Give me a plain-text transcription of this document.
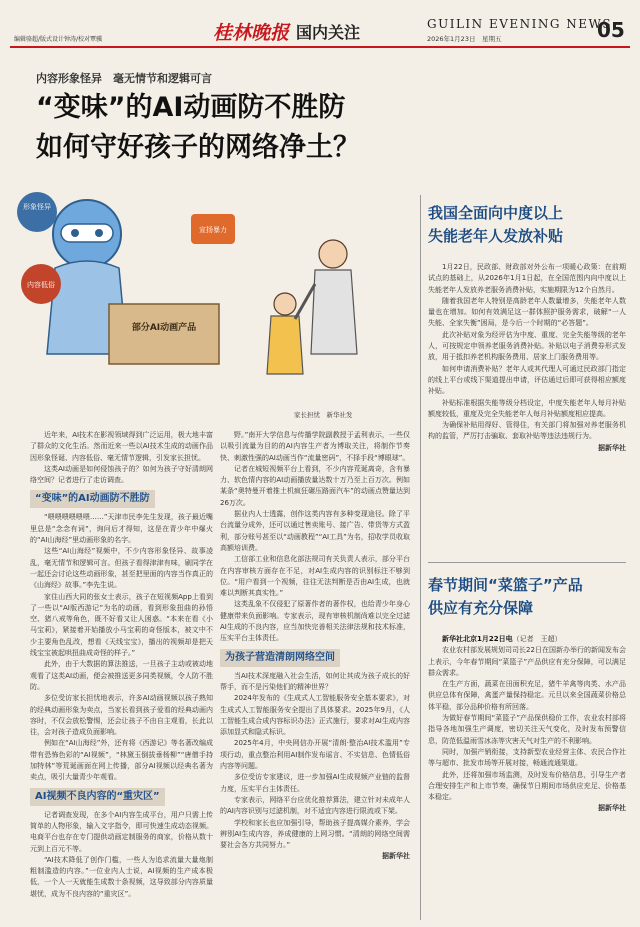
编辑骆超/版式设计钟涛/校对覃骥	桂林晚报 国内关注	GUILIN EVENING NEWS
2026年1月23日　星期五	05
内容形象怪异　毫无情节和逻辑可言
“变味”的AI动画防不胜防
如何守好孩子的网络净土？
形象怪异
宣扬暴力
内容低俗
部分AI动画产品
家长担忧　新华社发

近年来，AI技术在影视领域得到广泛运用，极大地丰富了群众的文化生活。然而近来一些以AI技术生成的动画作品因形象怪诞、内容低俗、毫无情节逻辑，引发家长担忧。

这类AI动画是如何侵蚀孩子的？如何为孩子守好清朗网络空间？记者进行了走访调查。

“变味”的AI动画防不胜防

“喂喂喂喂喂喂……”天津市民李先生发现，孩子最近嘴里总是“念念有词”，询问后才得知，这是在青少年中爆火的“AI山海经”里动画形象的名字。

这些“AI山海经”视频中，不少内容形象怪异、故事凌乱，毫无情节和逻辑可言。但孩子看得津津有味，刷同学在一起还会讨论这些动画形象，甚至把里面的内容当作真正的《山海经》故事。”李先生说。

家住山西大同的张女士表示，孩子在短视频App上看到了一些以“AI版西游记”为名的动画，看到形象扭曲的孙悟空、猪八戒等角色，既不好看又让人困惑。“本来在看《小马宝莉》，紧接着开始播放小马宝莉的奇怪版本，被文中不少主要角色乱改，想看《天线宝宝》，播出的视频却是把天线宝宝被起哄扭曲成奇怪的样子。”

此外，由于大数据的算法推送，一旦孩子主动或被动地观看了这类AI动画，便会被推送更多同类视频，令人防不胜防。

多位受访家长担忧地表示，许多AI动画视频以孩子熟知的经典动画形象为卖点，当家长看到孩子爱看的经典动画内容时，不仅会放松警惕，还会让孩子不由自主观看，长此以往，会对孩子造成负面影响。

例如在“AI山海经”外，还有将《西游记》等名著改编成带有恐怖色彩的“AI视频”，“林黛玉倒拔垂杨柳”“唐僧手持加特林”等荒诞画面在网上传播，部分AI视频以经典名著为卖点，吸引大量青少年观看。

AI视频不良内容的“重灾区”

记者调查发现，在多个AI内容生成平台，用户只需上传简单的人物形象，输入文字指令，即可快速生成动态视频。电商平台也存在专门提供动画定制服务的商家，价格从数十元到上百元不等。

“AI技术降低了创作门槛，一些人为追求流量大量炮制粗制滥造的内容。”一位业内人士说，AI视频的生产成本极低，一个人一天就能生成数十条视频，这导致部分内容质量堪忧，成为不良内容的“重灾区”。

野。”南开大学信息与传播学院副教授于孟利表示，一些仅以吸引流量为目的的AI内容生产者为博取关注，将制作节奏快、刺激性强的AI动画当作“流量密码”，不择手段“博眼球”。

记者在城短视频平台上看到，不少内容荒诞离奇，含有暴力、软色情内容的AI动画播放量达数十万乃至上百万次。例如某条“奥特曼开着推土机疯狂碾压路面汽车”的动画点赞量达到26万次。

据业内人士透露，创作这类内容有多种变现途径。除了平台流量分成外，还可以通过售卖账号、接广告、带货等方式盈利，部分账号甚至以“动画教程”“AI工具”为名，招收学员收取高额培训费。

工信部工业和信息化部法规司有关负责人表示，部分平台在内容审核方面存在不足，对AI生成内容的识别标注不够到位。“用户看到一个视频，往往无法判断是否由AI生成，也就难以判断其真实性。”

这类乱象不仅侵犯了原著作者的著作权，也给青少年身心健康带来负面影响。专家表示，现有审核机制尚难以完全过滤AI生成的不良内容，应当加快完善相关法律法规和技术标准，压实平台主体责任。

为孩子营造清朗网络空间

当AI技术深度融入社会生活，如何让其成为孩子成长的好帮手，而不是污染他们的精神世界？

2024年发布的《生成式人工智能服务安全基本要求》，对生成式人工智能服务安全提出了具体要求。2025年9月，《人工智能生成合成内容标识办法》正式施行，要求对AI生成内容添加显式和隐式标识。

2025年4月，中央网信办开展“清朗·整治AI技术滥用”专项行动，重点整治利用AI制作发布谣言、不实信息、色情低俗内容等问题。

多位受访专家建议，进一步加强AI生成视频产业链的监督力度，压实平台主体责任。

专家表示，网络平台应优化推荐算法，建立针对未成年人的AI内容识别与过滤机制，对不适宜内容进行限流或下架。

学校和家长也应加强引导，帮助孩子提高媒介素养，学会辨别AI生成内容，养成健康的上网习惯。“清朗的网络空间需要社会各方共同努力。”

据新华社
我国全面向中度以上
失能老年人发放补贴

1月22日，民政部、财政部对外公布一项暖心政策：在前期试点的基础上，从2026年1月1日起，在全国范围内向中度以上失能老年人发放养老服务消费补贴，实施期限为12个自然月。

随着我国老年人特别是高龄老年人数量增多，失能老年人数量也在增加。如何有效满足这一群体照护服务需求，破解“一人失能、全家失衡”困局，是今后一个时期的“必答题”。

此次补贴对象为经评估为中度、重度、完全失能等级的老年人，可按规定申领养老服务消费补贴。补贴以电子消费券形式发放，用于抵扣养老机构服务费用、居家上门服务费用等。

如何申请消费补贴？老年人或其代理人可通过民政部门指定的线上平台或线下渠道提出申请，评估通过后即可获得相应额度补贴。

补贴标准根据失能等级分档设定，中度失能老年人每月补贴额度较低，重度及完全失能老年人每月补贴额度相应提高。

为确保补贴用得好、管得住，有关部门将加强对养老服务机构的监管，严厉打击骗取、套取补贴等违法违规行为。

据新华社
春节期间“菜篮子”产品
供应有充分保障

新华社北京1月22日电（记者　王超）

农业农村部发展规划司司长22日在国新办举行的新闻发布会上表示，今年春节期间“菜篮子”产品供应有充分保障，可以满足群众需求。

在生产方面，蔬菜在田面积充足，猪牛羊禽等肉类、水产品供应总体有保障，禽蛋产量保持稳定。元旦以来全国蔬菜价格总体平稳，部分品种价格有所回落。

为做好春节期间“菜篮子”产品保供稳价工作，农业农村部将指导各地加强生产调度，密切关注天气变化，及时发布预警信息，防范低温雨雪冰冻等灾害天气对生产的不利影响。

同时，加强产销衔接，支持新型农业经营主体、农民合作社等与超市、批发市场等开展对接，畅通流通渠道。

此外，还将加强市场监测，及时发布价格信息，引导生产者合理安排生产和上市节奏，确保节日期间市场供应充足、价格基本稳定。

据新华社
